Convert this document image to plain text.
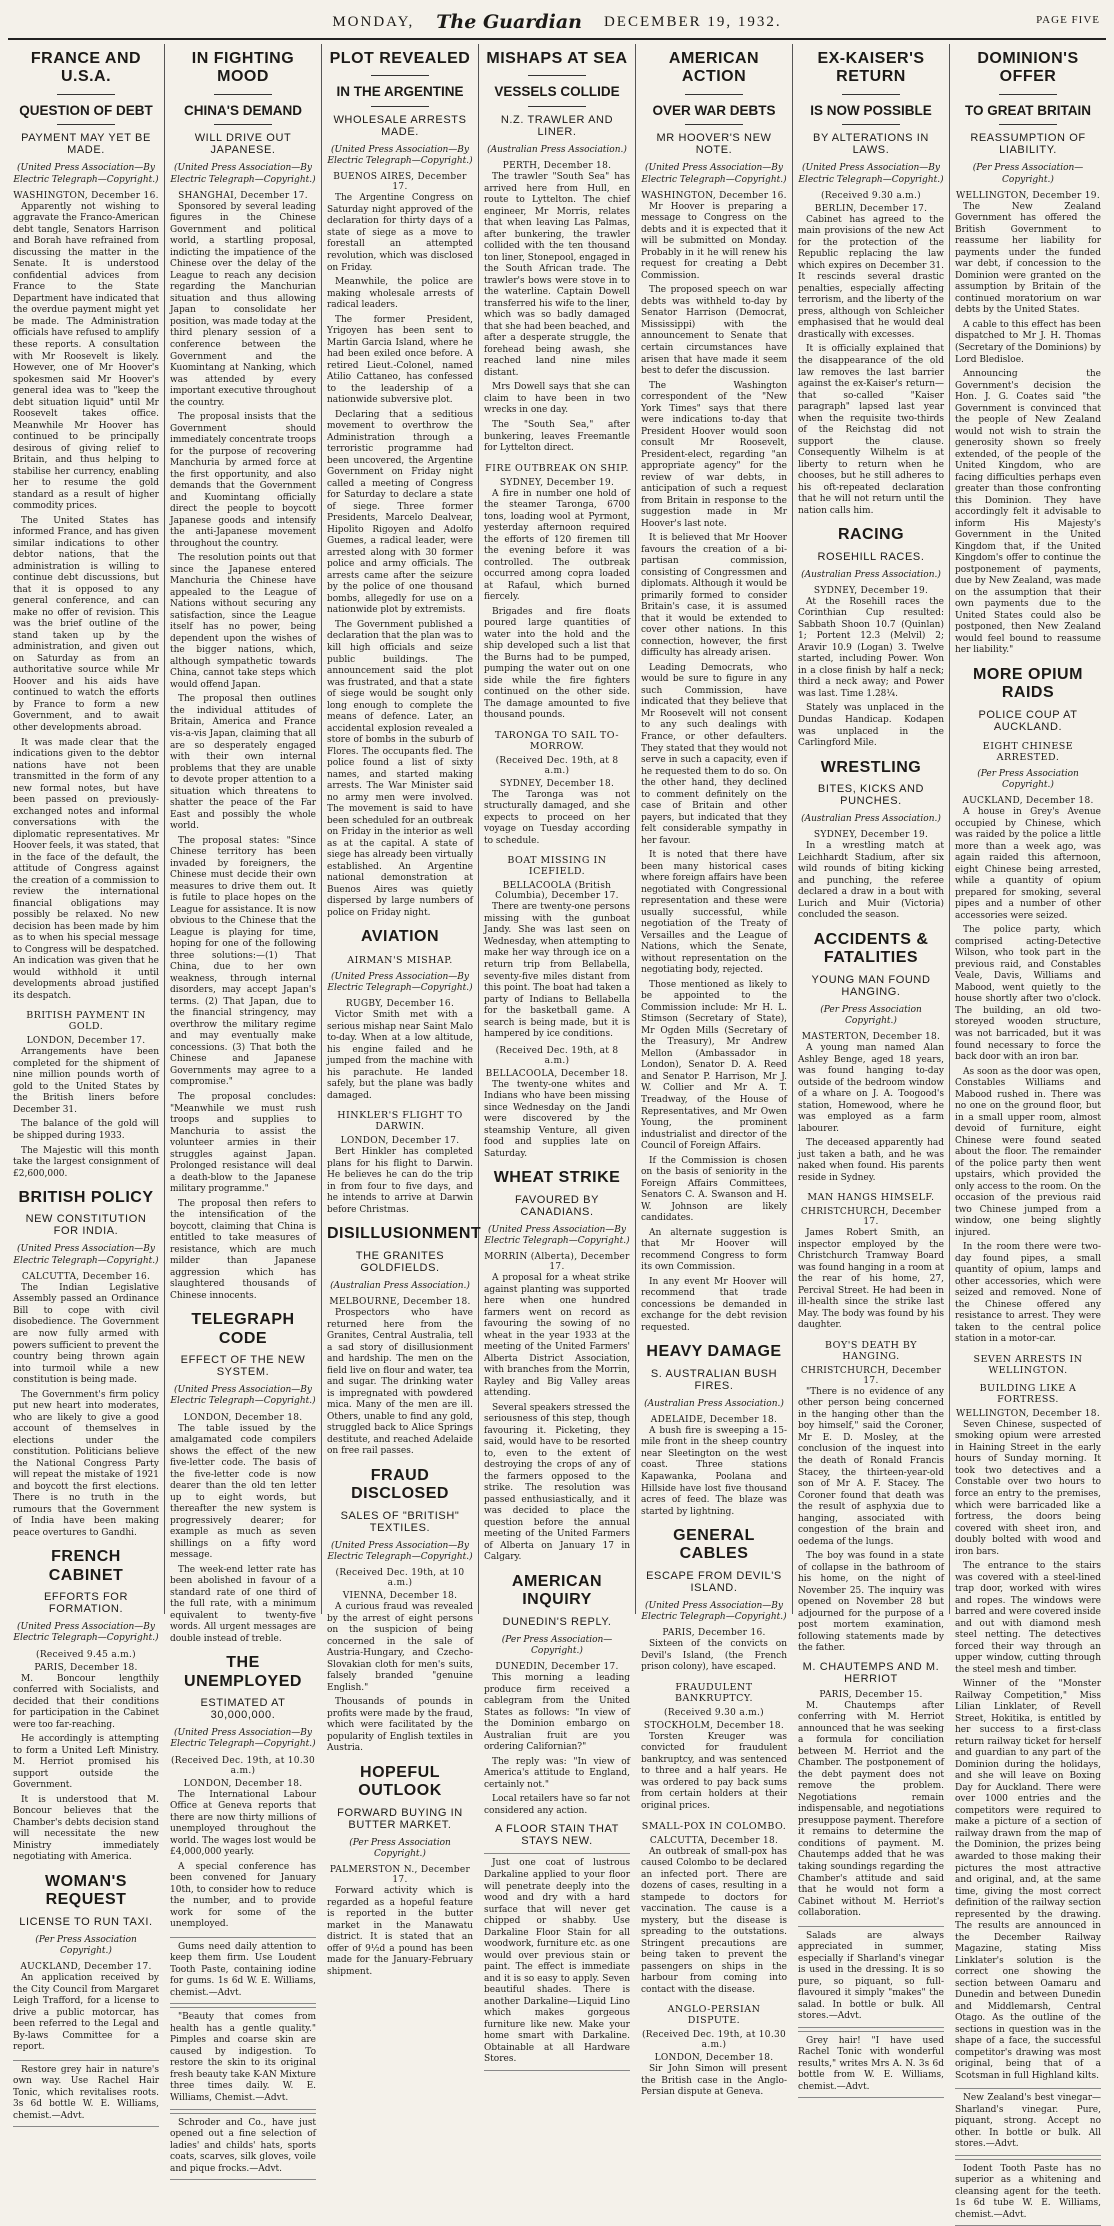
MONDAY, The Guardian DECEMBER 19, 1932.	PAGE FIVE
FRANCE AND U.S.A.
QUESTION OF DEBT
PAYMENT MAY YET BE MADE.
(United Press Association—By Electric Telegraph—Copyright.)
WASHINGTON, December 16.
Apparently not wishing to aggravate the Franco-American debt tangle, Senators Harrison and Borah have refrained from discussing the matter in the Senate. It is understood confidential advices from France to the State Department have indicated that the overdue payment might yet be made. The Administration officials have refused to amplify these reports. A consultation with Mr Roosevelt is likely. However, one of Mr Hoover's spokesmen said Mr Hoover's general idea was to "keep the debt situation liquid" until Mr Roosevelt takes office. Meanwhile Mr Hoover has continued to be principally desirous of giving relief to Britain, and thus helping to stabilise her currency, enabling her to resume the gold standard as a result of higher commodity prices.
The United States has informed France, and has given similar indications to other debtor nations, that the administration is willing to continue debt discussions, but that it is opposed to any general conference, and can make no offer of revision. This was the brief outline of the stand taken up by the administration, and given out on Saturday as from an authoritative source while Mr Hoover and his aids have continued to watch the efforts by France to form a new Government, and to await other developments abroad.
It was made clear that the indications given to the debtor nations have not been transmitted in the form of any new formal notes, but have been passed on previously-exchanged notes and informal conversations with the diplomatic representatives. Mr Hoover feels, it was stated, that in the face of the default, the attitude of Congress against the creation of a commission to review the international financial obligations may possibly be relaxed. No new decision has been made by him as to when his special message to Congress will be despatched. An indication was given that he would withhold it until developments abroad justified its despatch.
BRITISH PAYMENT IN GOLD.
LONDON, December 17.
Arrangements have been completed for the shipment of nine million pounds worth of gold to the United States by the British liners before December 31.
The balance of the gold will be shipped during 1933.
The Majestic will this month take the largest consignment of £2,600,000.
BRITISH POLICY
NEW CONSTITUTION FOR INDIA.
(United Press Association—By Electric Telegraph—Copyright.)
CALCUTTA, December 16.
The Indian Legislative Assembly passed an Ordinance Bill to cope with civil disobedience. The Government are now fully armed with powers sufficient to prevent the country being thrown again into turmoil while a new constitution is being made.
The Government's firm policy put new heart into moderates, who are likely to give a good account of themselves in elections under the constitution. Politicians believe the National Congress Party will repeat the mistake of 1921 and boycott the first elections. There is no truth in the rumours that the Government of India have been making peace overtures to Gandhi.
FRENCH CABINET
EFFORTS FOR FORMATION.
(United Press Association—By Electric Telegraph—Copyright.)
(Received 9.45 a.m.)
PARIS, December 18.
M. Boncour lengthily conferred with Socialists, and decided that their conditions for participation in the Cabinet were too far-reaching.
He accordingly is attempting to form a United Left Ministry. M. Herriot promised his support outside the Government.
It is understood that M. Boncour believes that the Chamber's debts decision stand will necessitate the new Ministry immediately negotiating with America.
WOMAN'S REQUEST
LICENSE TO RUN TAXI.
(Per Press Association Copyright.)
AUCKLAND, December 17.
An application received by the City Council from Margaret Leigh Trafford, for a license to drive a public motorcar, has been referred to the Legal and By-laws Committee for a report.
Restore grey hair in nature's own way. Use Rachel Hair Tonic, which revitalises roots. 3s 6d bottle W. E. Williams, chemist.—Advt.
IN FIGHTING MOOD
CHINA'S DEMAND
WILL DRIVE OUT JAPANESE.
(United Press Association—By Electric Telegraph—Copyright.)
SHANGHAI, December 17.
Sponsored by several leading figures in the Chinese Government and political world, a startling proposal, indicting the impatience of the Chinese over the delay of the League to reach any decision regarding the Manchurian situation and thus allowing Japan to consolidate her position, was made today at the third plenary session of a conference between the Government and the Kuomintang at Nanking, which was attended by every important executive throughout the country.
The proposal insists that the Government should immediately concentrate troops for the purpose of recovering Manchuria by armed force at the first opportunity, and also demands that the Government and Kuomintang officially direct the people to boycott Japanese goods and intensify the anti-Japanese movement throughout the country.
The resolution points out that since the Japanese entered Manchuria the Chinese have appealed to the League of Nations without securing any satisfaction, since the League itself has no power, being dependent upon the wishes of the bigger nations, which, although sympathetic towards China, cannot take steps which would offend Japan.
The proposal then outlines the individual attitudes of Britain, America and France vis-a-vis Japan, claiming that all are so desperately engaged with their own internal problems that they are unable to devote proper attention to a situation which threatens to shatter the peace of the Far East and possibly the whole world.
The proposal states: "Since Chinese territory has been invaded by foreigners, the Chinese must decide their own measures to drive them out. It is futile to place hopes on the League for assistance. It is now obvious to the Chinese that the League is playing for time, hoping for one of the following three solutions:—(1) That China, due to her own weakness, through internal disorders, may accept Japan's terms. (2) That Japan, due to the financial stringency, may overthrow the military regime and may eventually make concessions. (3) That both the Chinese and Japanese Governments may agree to a compromise."
The proposal concludes: "Meanwhile we must rush troops and supplies to Manchuria to assist the volunteer armies in their struggles against Japan. Prolonged resistance will deal a death-blow to the Japanese military programme."
The proposal then refers to the intensification of the boycott, claiming that China is entitled to take measures of resistance, which are much milder than Japanese aggression which has slaughtered thousands of Chinese innocents.
TELEGRAPH CODE
EFFECT OF THE NEW SYSTEM.
(United Press Association—By Electric Telegraph—Copyright.)
LONDON, December 18.
The table issued by the amalgamated code compilers shows the effect of the new five-letter code. The basis of the five-letter code is now dearer than the old ten letter up to eight words, but thereafter the new system is progressively dearer; for example as much as seven shillings on a fifty word message.
The week-end letter rate has been abolished in favour of a standard rate of one third of the full rate, with a minimum equivalent to twenty-five words. All urgent messages are double instead of treble.
THE UNEMPLOYED
ESTIMATED AT 30,000,000.
(United Press Association—By Electric Telegraph—Copyright.)
(Received Dec. 19th, at 10.30 a.m.)
LONDON, December 18.
The International Labour Office at Geneva reports that there are now thirty millions of unemployed throughout the world. The wages lost would be £4,000,000 yearly.
A special conference has been convened for January 10th, to consider how to reduce the number, and to provide work for some of the unemployed.
Gums need daily attention to keep them firm. Use Loudent Tooth Paste, containing iodine for gums. 1s 6d W. E. Williams, chemist.—Advt.
"Beauty that comes from health has a gentle quality." Pimples and coarse skin are caused by indigestion. To restore the skin to its original fresh beauty take K-AN Mixture three times daily. W. E. Williams, Chemist.—Advt.
Schroder and Co., have just opened out a fine selection of ladies' and childs' hats, sports coats, scarves, silk gloves, voile and pique frocks.—Advt.
PLOT REVEALED
IN THE ARGENTINE
WHOLESALE ARRESTS MADE.
(United Press Association—By Electric Telegraph—Copyright.)
BUENOS AIRES, December 17.
The Argentine Congress on Saturday night approved of the declaration for thirty days of a state of siege as a move to forestall an attempted revolution, which was disclosed on Friday.
Meanwhile, the police are making wholesale arrests of radical leaders.
The former President, Yrigoyen has been sent to Martin Garcia Island, where he had been exiled once before. A retired Lieut.-Colonel, named Atilio Cattaneo, has confessed to the leadership of a nationwide subversive plot.
Declaring that a seditious movement to overthrow the Administration through a terroristic programme had been uncovered, the Argentine Government on Friday night called a meeting of Congress for Saturday to declare a state of siege. Three former Presidents, Marcelo Dealvear, Hipolito Rigoyen and Adolfo Guemes, a radical leader, were arrested along with 30 former police and army officials. The arrests came after the seizure by the police of one thousand bombs, allegedly for use on a nationwide plot by extremists.
The Government published a declaration that the plan was to kill high officials and seize public buildings. The announcement said the plot was frustrated, and that a state of siege would be sought only long enough to complete the means of defence. Later, an accidental explosion revealed a store of bombs in the suburb of Flores. The occupants fled. The police found a list of sixty names, and started making arrests. The War Minister said no army men were involved. The movement is said to have been scheduled for an outbreak on Friday in the interior as well as at the capital. A state of siege has already been virtually established. An Argentine national demonstration at Buenos Aires was quietly dispersed by large numbers of police on Friday night.
AVIATION
AIRMAN'S MISHAP.
(United Press Association—By Electric Telegraph—Copyright.)
RUGBY, December 16.
Victor Smith met with a serious mishap near Saint Malo to-day. When at a low altitude, his engine failed and he jumped from the machine with his parachute. He landed safely, but the plane was badly damaged.
HINKLER'S FLIGHT TO DARWIN.
LONDON, December 17.
Bert Hinkler has completed plans for his flight to Darwin. He believes he can do the trip in from four to five days, and he intends to arrive at Darwin before Christmas.
DISILLUSIONMENT
THE GRANITES GOLDFIELDS.
(Australian Press Association.)
MELBOURNE, December 18.
Prospectors who have returned here from the Granites, Central Australia, tell a sad story of disillusionment and hardship. The men on the field live on flour and water, tea and sugar. The drinking water is impregnated with powdered mica. Many of the men are ill. Others, unable to find any gold, struggled back to Alice Springs destitute, and reached Adelaide on free rail passes.
FRAUD DISCLOSED
SALES OF "BRITISH" TEXTILES.
(United Press Association—By Electric Telegraph—Copyright.)
(Received Dec. 19th, at 10 a.m.)
VIENNA, December 18.
A curious fraud was revealed by the arrest of eight persons on the suspicion of being concerned in the sale of Austria-Hungary, and Czecho-Slovakian cloth for men's suits, falsely branded "genuine English."
Thousands of pounds in profits were made by the fraud, which were facilitated by the popularity of English textiles in Austria.
HOPEFUL OUTLOOK
FORWARD BUYING IN BUTTER MARKET.
(Per Press Association Copyright.)
PALMERSTON N., December 17.
Forward activity which is regarded as a hopeful feature is reported in the butter market in the Manawatu district. It is stated that an offer of 9½d a pound has been made for the January-February shipment.
MISHAPS AT SEA
VESSELS COLLIDE
N.Z. TRAWLER AND LINER.
(Australian Press Association.)
PERTH, December 18.
The trawler "South Sea" has arrived here from Hull, en route to Lyttelton. The chief engineer, Mr Morris, relates that when leaving Las Palmas, after bunkering, the trawler collided with the ten thousand ton liner, Stonepool, engaged in the South African trade. The trawler's bows were stove in to the waterline. Captain Dowell transferred his wife to the liner, which was so badly damaged that she had been beached, and after a desperate struggle, the forehead being awash, she reached land nine miles distant.
Mrs Dowell says that she can claim to have been in two wrecks in one day.
The "South Sea," after bunkering, leaves Freemantle for Lyttelton direct.
FIRE OUTBREAK ON SHIP.
SYDNEY, December 19.
A fire in number one hold of the steamer Taronga, 6700 tons, loading wool at Pyrmont, yesterday afternoon required the efforts of 120 firemen till the evening before it was controlled. The outbreak occurred among copra loaded at Rafaul, which burned fiercely.
Brigades and fire floats poured large quantities of water into the hold and the ship developed such a list that the Burns had to be pumped, pumping the water out on one side while the fire fighters continued on the other side. The damage amounted to five thousand pounds.
TARONGA TO SAIL TO-MORROW.
(Received Dec. 19th, at 8 a.m.)
SYDNEY, December 18.
The Taronga was not structurally damaged, and she expects to proceed on her voyage on Tuesday according to schedule.
BOAT MISSING IN ICEFIELD.
BELLACOOLA (British Columbia), December 17.
There are twenty-one persons missing with the gunboat Jandy. She was last seen on Wednesday, when attempting to make her way through ice on a return trip from Bellabella, seventy-five miles distant from this point. The boat had taken a party of Indians to Bellabella for the basketball game. A search is being made, but it is hampered by ice conditions.
(Received Dec. 19th, at 8 a.m.)
BELLACOOLA, December 18.
The twenty-one whites and Indians who have been missing since Wednesday on the Jandi were discovered by the steamship Venture, all given food and supplies late on Saturday.
WHEAT STRIKE
FAVOURED BY CANADIANS.
(United Press Association—By Electric Telegraph—Copyright.)
MORRIN (Alberta), December 17.
A proposal for a wheat strike against planting was supported here when one hundred farmers went on record as favouring the sowing of no wheat in the year 1933 at the meeting of the United Farmers' Alberta District Association, with branches from the Morrin, Rayley and Big Valley areas attending.
Several speakers stressed the seriousness of this step, though favouring it. Picketing, they said, would have to be resorted to, even to the extent of destroying the crops of any of the farmers opposed to the strike. The resolution was passed enthusiastically, and it was decided to place the question before the annual meeting of the United Farmers of Alberta on January 17 in Calgary.
AMERICAN INQUIRY
DUNEDIN'S REPLY.
(Per Press Association—Copyright.)
DUNEDIN, December 17.
This morning a leading produce firm received a cablegram from the United States as follows: "In view of the Dominion embargo on Australian fruit are you ordering Californian?"
The reply was: "In view of America's attitude to England, certainly not."
Local retailers have so far not considered any action.
A FLOOR STAIN THAT STAYS NEW.
Just one coat of lustrous Darkaline applied to your floor will penetrate deeply into the wood and dry with a hard surface that will never get chipped or shabby. Use Darkaline Floor Stain for all woodwork, furniture etc. as one would over previous stain or paint. The effect is immediate and it is so easy to apply. Seven beautiful shades. There is another Darkaline—Liquid Lino which makes gorgeous furniture like new. Make your home smart with Darkaline. Obtainable at all Hardware Stores.
AMERICAN ACTION
OVER WAR DEBTS
MR HOOVER'S NEW NOTE.
(United Press Association—By Electric Telegraph—Copyright.)
WASHINGTON, December 16.
Mr Hoover is preparing a message to Congress on the debts and it is expected that it will be submitted on Monday. Probably in it he will renew his request for creating a Debt Commission.
The proposed speech on war debts was withheld to-day by Senator Harrison (Democrat, Mississippi) with the announcement to Senate that certain circumstances have arisen that have made it seem best to defer the discussion.
The Washington correspondent of the "New York Times" says that there were indications to-day that President Hoover would soon consult Mr Roosevelt, President-elect, regarding "an appropriate agency" for the review of war debts, in anticipation of such a request from Britain in response to the suggestion made in Mr Hoover's last note.
It is believed that Mr Hoover favours the creation of a bi-partisan commission, consisting of Congressmen and diplomats. Although it would be primarily formed to consider Britain's case, it is assumed that it would be extended to cover other nations. In this connection, however, the first difficulty has already arisen.
Leading Democrats, who would be sure to figure in any such Commission, have indicated that they believe that Mr Roosevelt will not consent to any such dealings with France, or other defaulters. They stated that they would not serve in such a capacity, even if he requested them to do so. On the other hand, they declined to comment definitely on the case of Britain and other payers, but indicated that they felt considerable sympathy in her favour.
It is noted that there have been many historical cases where foreign affairs have been negotiated with Congressional representation and these were usually successful, while negotiation of the Treaty of Versailles and the League of Nations, which the Senate, without representation on the negotiating body, rejected.
Those mentioned as likely to be appointed to the Commission include: Mr H. L. Stimson (Secretary of State), Mr Ogden Mills (Secretary of the Treasury), Mr Andrew Mellon (Ambassador in London), Senator D. A. Reed and Senator P. Harrison, Mr J. W. Collier and Mr A. T. Treadway, of the House of Representatives, and Mr Owen Young, the prominent industrialist and director of the Council of Foreign Affairs.
If the Commission is chosen on the basis of seniority in the Foreign Affairs Committees, Senators C. A. Swanson and H. W. Johnson are likely candidates.
An alternate suggestion is that Mr Hoover will recommend Congress to form its own Commission.
In any event Mr Hoover will recommend that trade concessions be demanded in exchange for the debt revision requested.
HEAVY DAMAGE
S. AUSTRALIAN BUSH FIRES.
(Australian Press Association.)
ADELAIDE, December 18.
A bush fire is sweeping a 15-mile front in the sheep country near Sleetington on the west coast. Three stations Kapawanka, Poolana and Hillside have lost five thousand acres of feed. The blaze was started by lightning.
GENERAL CABLES
ESCAPE FROM DEVIL'S ISLAND.
(United Press Association—By Electric Telegraph—Copyright.)
PARIS, December 16.
Sixteen of the convicts on Devil's Island, (the French prison colony), have escaped.
FRAUDULENT BANKRUPTCY.
(Received 9.30 a.m.)
STOCKHOLM, December 18.
Torsten Kreuger was convicted for fraudulent bankruptcy, and was sentenced to three and a half years. He was ordered to pay back sums from certain holders at their original prices.
SMALL-POX IN COLOMBO.
CALCUTTA, December 18.
An outbreak of small-pox has caused Colombo to be declared an infected port. There are dozens of cases, resulting in a stampede to doctors for vaccination. The cause is a mystery, but the disease is spreading to the outstations. Stringent precautions are being taken to prevent the passengers on ships in the harbour from coming into contact with the disease.
ANGLO-PERSIAN DISPUTE.
(Received Dec. 19th, at 10.30 a.m.)
LONDON, December 18.
Sir John Simon will present the British case in the Anglo-Persian dispute at Geneva.
EX-KAISER'S RETURN
IS NOW POSSIBLE
BY ALTERATIONS IN LAWS.
(United Press Association—By Electric Telegraph—Copyright.)
(Received 9.30 a.m.)
BERLIN, December 17.
Cabinet has agreed to the main provisions of the new Act for the protection of the Republic replacing the law which expires on December 31. It rescinds several drastic penalties, especially affecting terrorism, and the liberty of the press, although von Schleicher emphasised that he would deal drastically with excesses.
It is officially explained that the disappearance of the old law removes the last barrier against the ex-Kaiser's return—that so-called "Kaiser paragraph" lapsed last year when the requisite two-thirds of the Reichstag did not support the clause. Consequently Wilhelm is at liberty to return when he chooses, but he still adheres to his oft-repeated declaration that he will not return until the nation calls him.
RACING
ROSEHILL RACES.
(Australian Press Association.)
SYDNEY, December 19.
At the Rosehill races the Corinthian Cup resulted: Sabbath Shoon 10.7 (Quinlan) 1; Portent 12.3 (Melvil) 2; Aravir 10.9 (Logan) 3. Twelve started, including Power. Won in a close finish by half a neck; third a neck away; and Power was last. Time 1.28¼.
Stately was unplaced in the Dundas Handicap. Kodapen was unplaced in the Carlingford Mile.
WRESTLING
BITES, KICKS AND PUNCHES.
(Australian Press Association.)
SYDNEY, December 19.
In a wrestling match at Leichhardt Stadium, after six wild rounds of biting kicking and punching, the referee declared a draw in a bout with Lurich and Muir (Victoria) concluded the season.
ACCIDENTS & FATALITIES
YOUNG MAN FOUND HANGING.
(Per Press Association Copyright.)
MASTERTON, December 18.
A young man named Alan Ashley Benge, aged 18 years, was found hanging to-day outside of the bedroom window of a whare on J. A. Toogood's station, Homewood, where he was employed as a farm labourer.
The deceased apparently had just taken a bath, and he was naked when found. His parents reside in Sydney.
MAN HANGS HIMSELF.
CHRISTCHURCH, December 17.
James Robert Smith, an inspector employed by the Christchurch Tramway Board was found hanging in a room at the rear of his home, 27, Percival Street. He had been in ill-health since the strike last May. The body was found by his daughter.
BOY'S DEATH BY HANGING.
CHRISTCHURCH, December 17.
"There is no evidence of any other person being concerned in the hanging other than the boy himself," said the Coroner, Mr E. D. Mosley, at the conclusion of the inquest into the death of Ronald Francis Stacey, the thirteen-year-old son of Mr A. F. Stacey. The Coroner found that death was the result of asphyxia due to hanging, associated with congestion of the brain and oedema of the lungs.
The boy was found in a state of collapse in the bathroom of his home, on the night of November 25. The inquiry was opened on November 28 but adjourned for the purpose of a post mortem examination, following statements made by the father.
M. CHAUTEMPS AND M. HERRIOT
PARIS, December 15.
M. Chautemps after conferring with M. Herriot announced that he was seeking a formula for conciliation between M. Herriot and the Chamber. The postponement of the debt payment does not remove the problem. Negotiations remain indispensable, and negotiations presuppose payment. Therefore it remains to determine the conditions of payment. M. Chautemps added that he was taking soundings regarding the Chamber's attitude and said that he would not form a Cabinet without M. Herriot's collaboration.
Salads are always appreciated in summer, especially if Sharland's vinegar is used in the dressing. It is so pure, so piquant, so full-flavoured it simply "makes" the salad. In bottle or bulk. All stores.—Advt.
Grey hair! "I have used Rachel Tonic with wonderful results," writes Mrs A. N. 3s 6d bottle from W. E. Williams, chemist.—Advt.
DOMINION'S OFFER
TO GREAT BRITAIN
REASSUMPTION OF LIABILITY.
(Per Press Association—Copyright.)
WELLINGTON, December 19.
The New Zealand Government has offered the British Government to reassume her liability for payments under the funded war debt, if concession to the Dominion were granted on the assumption by Britain of the continued moratorium on war debts by the United States.
A cable to this effect has been dispatched to Mr J. H. Thomas (Secretary of the Dominions) by Lord Bledisloe.
Announcing the Government's decision the Hon. J. G. Coates said "the Government is convinced that the people of New Zealand would not wish to strain the generosity shown so freely extended, of the people of the United Kingdom, who are facing difficulties perhaps even greater than those confronting this Dominion. They have accordingly felt it advisable to inform His Majesty's Government in the United Kingdom that, if the United Kingdom's offer to continue the postponement of payments, due by New Zealand, was made on the assumption that their own payments due to the United States could also be postponed, then New Zealand would feel bound to reassume her liability."
MORE OPIUM RAIDS
POLICE COUP AT AUCKLAND.
EIGHT CHINESE ARRESTED.
(Per Press Association Copyright.)
AUCKLAND, December 18.
A house in Grey's Avenue occupied by Chinese, which was raided by the police a little more than a week ago, was again raided this afternoon, eight Chinese being arrested, while a quantity of opium prepared for smoking, several pipes and a number of other accessories were seized.
The police party, which comprised acting-Detective Wilson, who took part in the previous raid, and Constables Veale, Davis, Williams and Mabood, went quietly to the house shortly after two o'clock. The building, an old two-storeyed wooden structure, was not barricaded, but it was found necessary to force the back door with an iron bar.
As soon as the door was open, Constables Williams and Mabood rushed in. There was no one on the ground floor, but in a small upper room, almost devoid of furniture, eight Chinese were found seated about the floor. The remainder of the police party then went upstairs, which provided the only access to the room. On the occasion of the previous raid two Chinese jumped from a window, one being slightly injured.
In the room there were two-day found pipes, a small quantity of opium, lamps and other accessories, which were seized and removed. None of the Chinese offered any resistance to arrest. They were taken to the central police station in a motor-car.
SEVEN ARRESTS IN WELLINGTON.
BUILDING LIKE A FORTRESS.
WELLINGTON, December 18.
Seven Chinese, suspected of smoking opium were arrested in Haining Street in the early hours of Sunday morning. It took two detectives and a Constable over two hours to force an entry to the premises, which were barricaded like a fortress, the doors being covered with sheet iron, and doubly bolted with wood and iron bars.
The entrance to the stairs was covered with a steel-lined trap door, worked with wires and ropes. The windows were barred and were covered inside and out with diamond mesh steel netting. The detectives forced their way through an upper window, cutting through the steel mesh and timber.
Winner of the "Monster Railway Competition," Miss Lilian Linklater, of Revell Street, Hokitika, is entitled by her success to a first-class return railway ticket for herself and guardian to any part of the Dominion during the holidays, and she will leave on Boxing Day for Auckland. There were over 1000 entries and the competitors were required to make a picture of a section of railway drawn from the map of the Dominion, the prizes being awarded to those making their pictures the most attractive and original, and, at the same time, giving the most correct definition of the railway section represented by the drawing. The results are announced in the December Railway Magazine, stating Miss Linklater's solution is the correct one showing the section between Oamaru and Dunedin and between Dunedin and Middlemarsh, Central Otago. As the outline of the sections in question was in the shape of a face, the successful competitor's drawing was most original, being that of a Scotsman in full Highland kilts.
New Zealand's best vinegar—Sharland's vinegar. Pure, piquant, strong. Accept no other. In bottle or bulk. All stores.—Advt.
Iodent Tooth Paste has no superior as a whitening and cleansing agent for the teeth. 1s 6d tube W. E. Williams, chemist.—Advt.
